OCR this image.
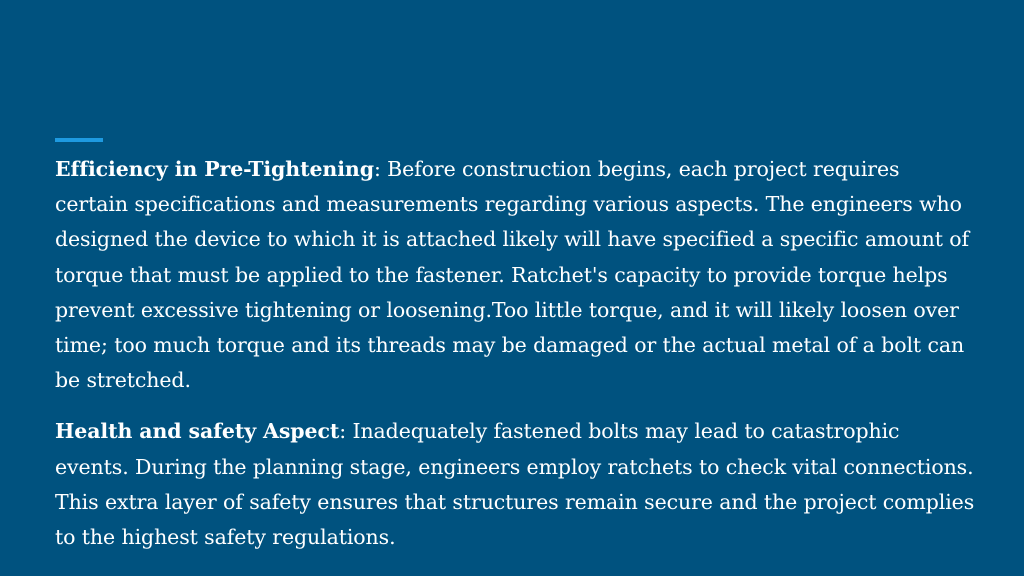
Efficiency in Pre-Tightening: Before construction begins, each project requires certain specifications and measurements regarding various aspects. The engineers who designed the device to which it is attached likely will have specified a specific amount of torque that must be applied to the fastener. Ratchet's capacity to provide torque helps prevent excessive tightening or loosening.Too little torque, and it will likely loosen over time; too much torque and its threads may be damaged or the actual metal of a bolt can be stretched.

Health and safety Aspect: Inadequately fastened bolts may lead to catastrophic events. During the planning stage, engineers employ ratchets to check vital connections. This extra layer of safety ensures that structures remain secure and the project complies to the highest safety regulations.
